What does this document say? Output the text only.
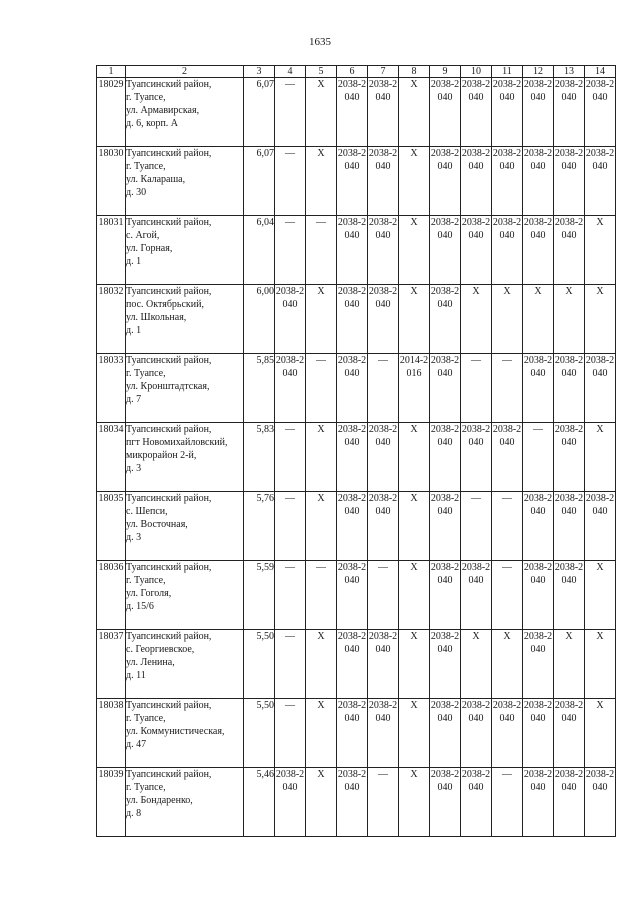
1635
1	2	3	4	5	6	7	8	9	10	11	12	13	14
18029	Туапсинский район,
г. Туапсе,
ул. Армавирская,
д. 6, корп. А	6,07	—	X	2038-2040	2038-2040	X	2038-2040	2038-2040	2038-2040	2038-2040	2038-2040	2038-2040
18030	Туапсинский район,
г. Туапсе,
ул. Калараша,
д. 30	6,07	—	X	2038-2040	2038-2040	X	2038-2040	2038-2040	2038-2040	2038-2040	2038-2040	2038-2040
18031	Туапсинский район,
с. Агой,
ул. Горная,
д. 1	6,04	—	—	2038-2040	2038-2040	X	2038-2040	2038-2040	2038-2040	2038-2040	2038-2040	X
18032	Туапсинский район,
пос. Октябрьский,
ул. Школьная,
д. 1	6,00	2038-2040	X	2038-2040	2038-2040	X	2038-2040	X	X	X	X	X
18033	Туапсинский район,
г. Туапсе,
ул. Кронштадтская,
д. 7	5,85	2038-2040	—	2038-2040	—	2014-2016	2038-2040	—	—	2038-2040	2038-2040	2038-2040
18034	Туапсинский район,
пгт Новомихайловский,
микрорайон 2-й,
д. 3	5,83	—	X	2038-2040	2038-2040	X	2038-2040	2038-2040	2038-2040	—	2038-2040	X
18035	Туапсинский район,
с. Шепси,
ул. Восточная,
д. 3	5,76	—	X	2038-2040	2038-2040	X	2038-2040	—	—	2038-2040	2038-2040	2038-2040
18036	Туапсинский район,
г. Туапсе,
ул. Гоголя,
д. 15/6	5,59	—	—	2038-2040	—	X	2038-2040	2038-2040	—	2038-2040	2038-2040	X
18037	Туапсинский район,
с. Георгиевское,
ул. Ленина,
д. 11	5,50	—	X	2038-2040	2038-2040	X	2038-2040	X	X	2038-2040	X	X
18038	Туапсинский район,
г. Туапсе,
ул. Коммунистическая,
д. 47	5,50	—	X	2038-2040	2038-2040	X	2038-2040	2038-2040	2038-2040	2038-2040	2038-2040	X
18039	Туапсинский район,
г. Туапсе,
ул. Бондаренко,
д. 8	5,46	2038-2040	X	2038-2040	—	X	2038-2040	2038-2040	—	2038-2040	2038-2040	2038-2040
